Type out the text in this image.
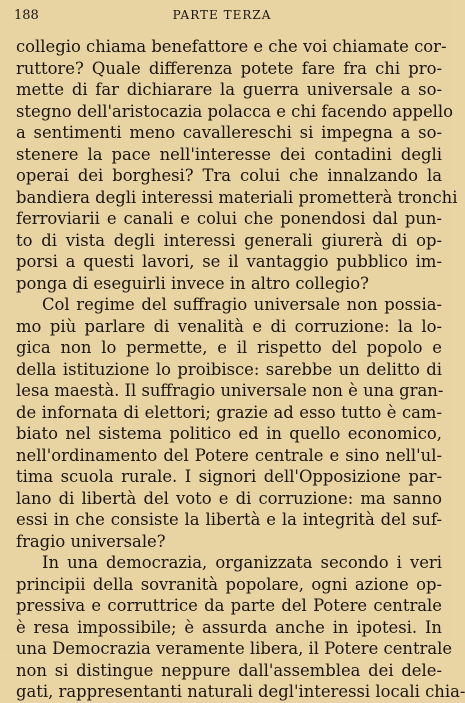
188	PARTE TERZA
collegio chiama benefattore e che voi chiamate cor-
ruttore? Quale differenza potete fare fra chi pro-
mette di far dichiarare la guerra universale a so-
stegno dell'aristocazia polacca e chi facendo appello
a sentimenti meno cavallereschi si impegna a so-
stenere la pace nell'interesse dei contadini degli
operai dei borghesi? Tra colui che innalzando la
bandiera degli interessi materiali prometterà tronchi
ferroviarii e canali e colui che ponendosi dal pun-
to di vista degli interessi generali giurerà di op-
porsi a questi lavori, se il vantaggio pubblico im-
ponga di eseguirli invece in altro collegio?
Col regime del suffragio universale non possia-
mo più parlare di venalità e di corruzione: la lo-
gica non lo permette, e il rispetto del popolo e
della istituzione lo proibisce: sarebbe un delitto di
lesa maestà. Il suffragio universale non è una gran-
de infornata di elettori; grazie ad esso tutto è cam-
biato nel sistema politico ed in quello economico,
nell'ordinamento del Potere centrale e sino nell'ul-
tima scuola rurale. I signori dell'Opposizione par-
lano di libertà del voto e di corruzione: ma sanno
essi in che consiste la libertà e la integrità del suf-
fragio universale?
In una democrazia, organizzata secondo i veri
principii della sovranità popolare, ogni azione op-
pressiva e corruttrice da parte del Potere centrale
è resa impossibile; è assurda anche in ipotesi. In
una Democrazia veramente libera, il Potere centrale
non si distingue neppure dall'assemblea dei dele-
gati, rappresentanti naturali degl'interessi locali chia-
